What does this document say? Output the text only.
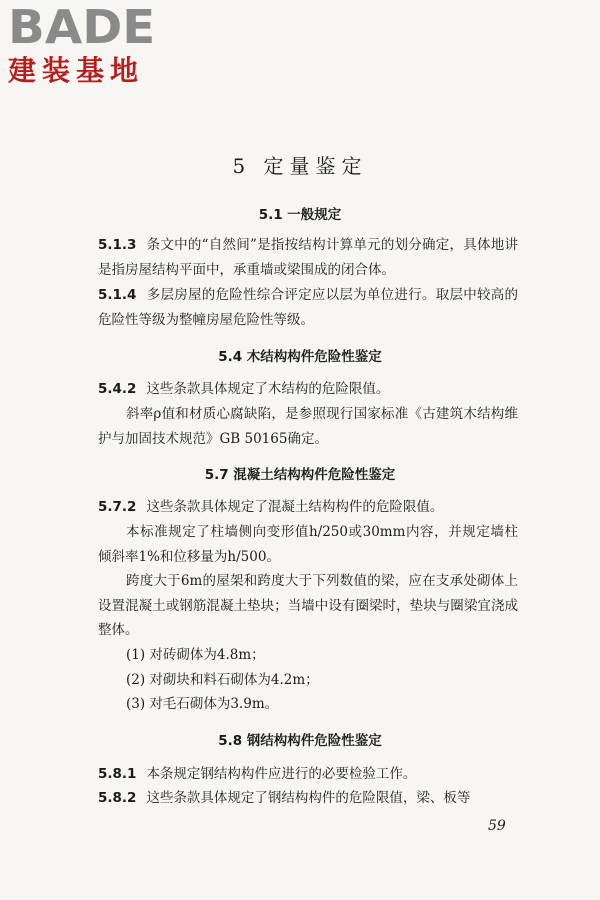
BADE
建装基地
5 定量鉴定
5.1 一般规定
5.1.3 条文中的“自然间”是指按结构计算单元的划分确定，具体地讲是指房屋结构平面中，承重墙或梁围成的闭合体。
5.1.4 多层房屋的危险性综合评定应以层为单位进行。取层中较高的危险性等级为整幢房屋危险性等级。
5.4 木结构构件危险性鉴定
5.4.2 这些条款具体规定了木结构的危险限值。
斜率ρ值和材质心腐缺陷，是参照现行国家标准《古建筑木结构维护与加固技术规范》GB 50165确定。
5.7 混凝土结构构件危险性鉴定
5.7.2 这些条款具体规定了混凝土结构构件的危险限值。
本标准规定了柱墙侧向变形值h/250或30mm内容，并规定墙柱倾斜率1%和位移量为h/500。
跨度大于6m的屋架和跨度大于下列数值的梁，应在支承处砌体上设置混凝土或钢筋混凝土垫块；当墙中设有圈梁时，垫块与圈梁宜浇成整体。
(1) 对砖砌体为4.8m；
(2) 对砌块和料石砌体为4.2m；
(3) 对毛石砌体为3.9m。
5.8 钢结构构件危险性鉴定
5.8.1 本条规定钢结构构件应进行的必要检验工作。
5.8.2 这些条款具体规定了钢结构构件的危险限值，梁、板等
59
